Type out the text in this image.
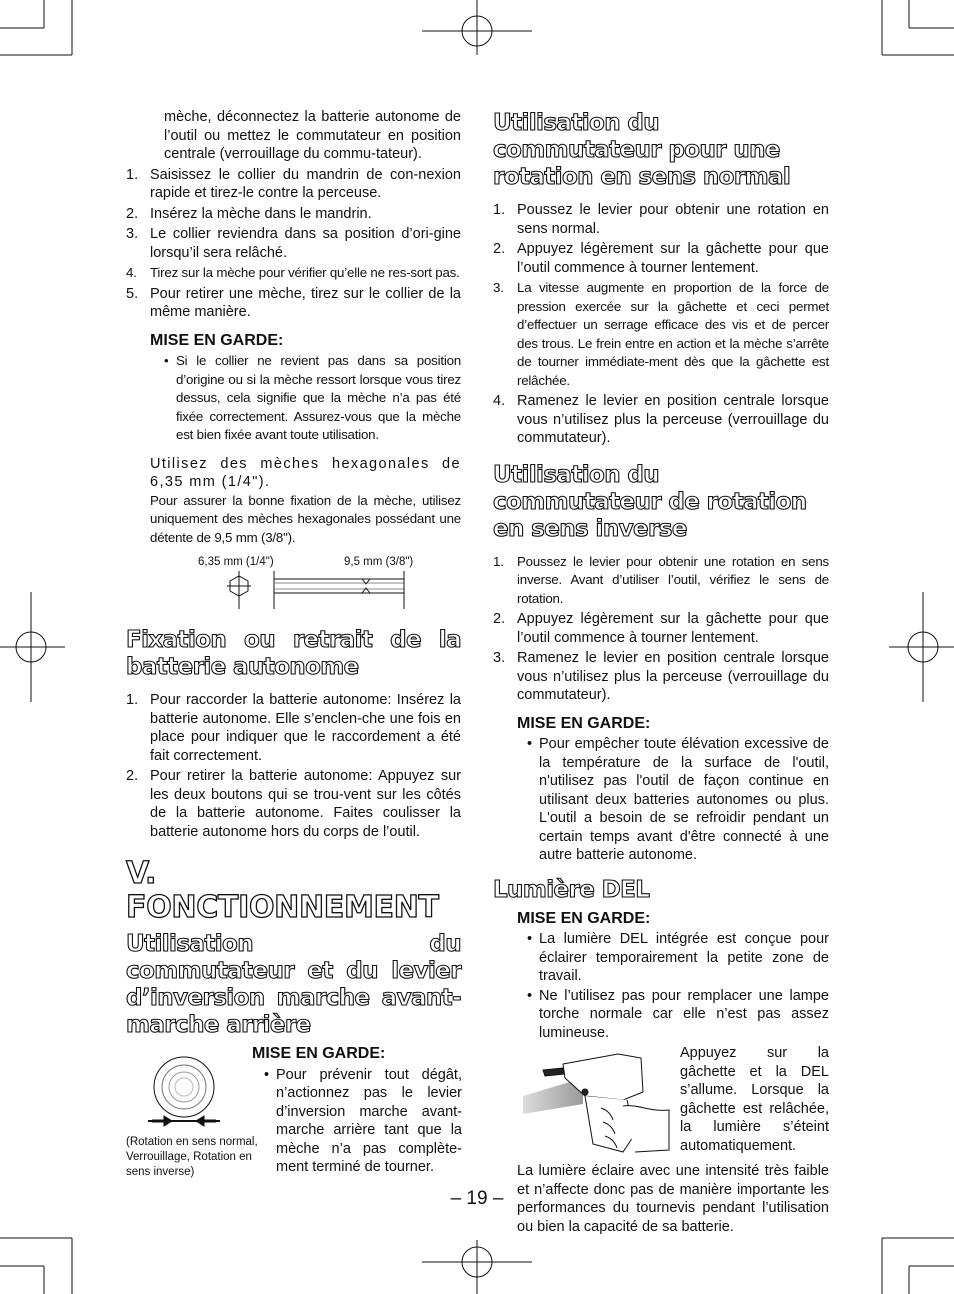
mèche, déconnectez la batterie autonome de l’outil ou mettez le commutateur en position centrale (verrouillage du commu-tateur).
1. Saisissez le collier du mandrin de con-nexion rapide et tirez-le contre la perceuse.
2. Insérez la mèche dans le mandrin.
3. Le collier reviendra dans sa position d’ori-gine lorsqu’il sera relâché.
4. Tirez sur la mèche pour vérifier qu’elle ne res-sort pas.
5. Pour retirer une mèche, tirez sur le collier de la même manière.
MISE EN GARDE:
• Si le collier ne revient pas dans sa position d’origine ou si la mèche ressort lorsque vous tirez dessus, cela signifie que la mèche n’a pas été fixée correctement. Assurez-vous que la mèche est bien fixée avant toute utilisation.
Utilisez des mèches hexagonales de 6,35 mm (1/4").
Pour assurer la bonne fixation de la mèche, utilisez uniquement des mèches hexagonales possédant une détente de 9,5 mm (3/8").
6,35 mm (1/4")	9,5 mm (3/8")
Fixation ou retrait de la batterie autonome
1. Pour raccorder la batterie autonome: Insérez la batterie autonome. Elle s’enclen-che une fois en place pour indiquer que le raccordement a été fait correctement.
2. Pour retirer la batterie autonome: Appuyez sur les deux boutons qui se trou-vent sur les côtés de la batterie autonome. Faites coulisser la batterie autonome hors du corps de l’outil.
V. FONCTIONNEMENT
Utilisation du commutateur et du levier d’inversion marche avant-marche arrière
(Rotation en sens normal, Verrouillage, Rotation en sens inverse)
MISE EN GARDE:
• Pour prévenir tout dégât, n’actionnez pas le levier d’inversion marche avant-marche arrière tant que la mèche n’a pas complète-ment terminé de tourner.
Utilisation du commutateur pour une rotation en sens normal
1. Poussez le levier pour obtenir une rotation en sens normal.
2. Appuyez légèrement sur la gâchette pour que l’outil commence à tourner lentement.
3. La vitesse augmente en proportion de la force de pression exercée sur la gâchette et ceci permet d’effectuer un serrage efficace des vis et de percer des trous. Le frein entre en action et la mèche s’arrête de tourner immédiate-ment dès que la gâchette est relâchée.
4. Ramenez le levier en position centrale lorsque vous n’utilisez plus la perceuse (verrouillage du commutateur).
Utilisation du commutateur de rotation en sens inverse
1. Poussez le levier pour obtenir une rotation en sens inverse. Avant d’utiliser l’outil, vérifiez le sens de rotation.
2. Appuyez légèrement sur la gâchette pour que l’outil commence à tourner lentement.
3. Ramenez le levier en position centrale lorsque vous n’utilisez plus la perceuse (verrouillage du commutateur).
MISE EN GARDE:
• Pour empêcher toute élévation excessive de la température de la surface de l'outil, n'utilisez pas l'outil de façon continue en utilisant deux batteries autonomes ou plus. L'outil a besoin de se refroidir pendant un certain temps avant d'être connecté à une autre batterie autonome.
Lumière DEL
MISE EN GARDE:
• La lumière DEL intégrée est conçue pour éclairer temporairement la petite zone de travail.
• Ne l’utilisez pas pour remplacer une lampe torche normale car elle n’est pas assez lumineuse.
Appuyez sur la gâchette et la DEL s’allume. Lorsque la gâchette est relâchée, la lumière s’éteint automatiquement.
La lumière éclaire avec une intensité très faible et n’affecte donc pas de manière importante les performances du tournevis pendant l’utilisation ou bien la capacité de sa batterie.
– 19 –
